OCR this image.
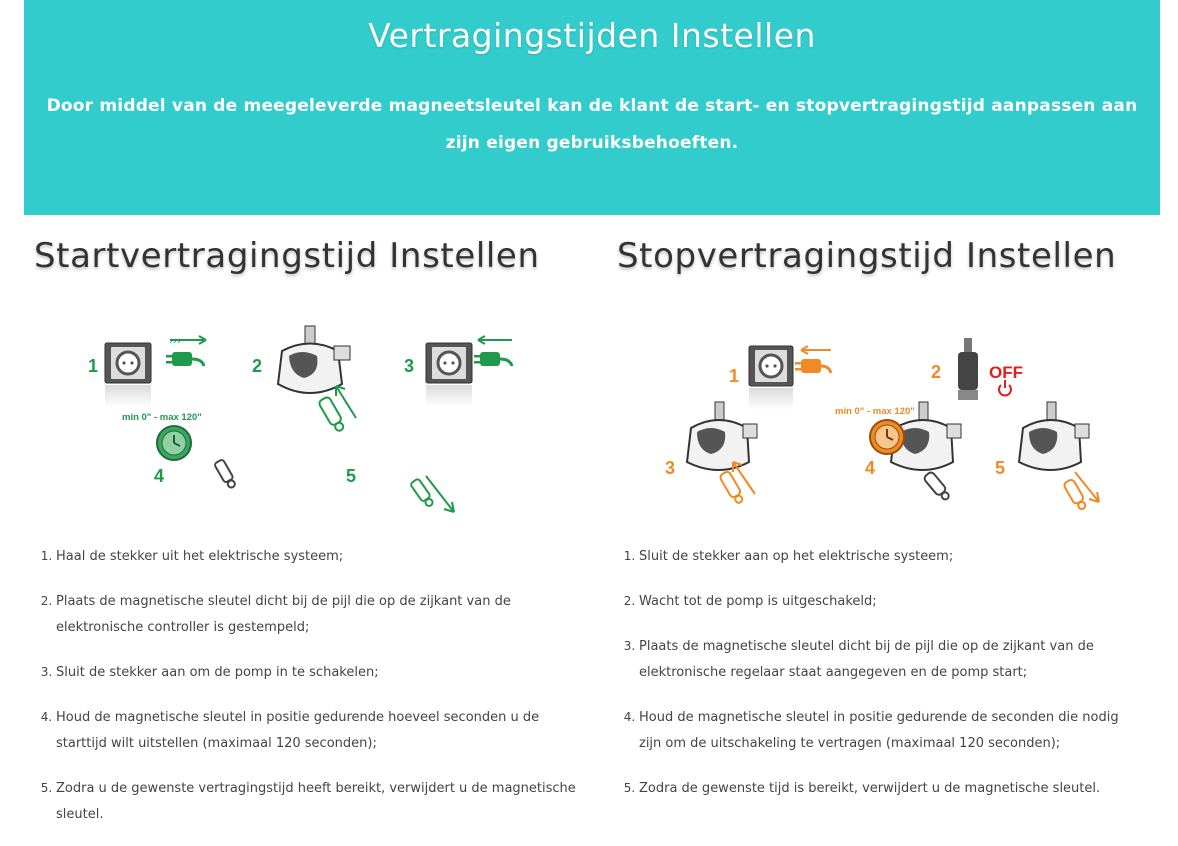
Vertragingstijden Instellen

Door middel van de meegeleverde magneetsleutel kan de klant de start- en stopvertragingstijd aanpassen aan zijn eigen gebruiksbehoeften.

Startvertragingstijd Instellen
1
›››
2	3
min 0" - max 120"
4	5
1. Haal de stekker uit het elektrische systeem;
2. Plaats de magnetische sleutel dicht bij de pijl die op de zijkant van de elektronische controller is gestempeld;
3. Sluit de stekker aan om de pomp in te schakelen;
4. Houd de magnetische sleutel in positie gedurende hoeveel seconden u de starttijd wilt uitstellen (maximaal 120 seconden);
5. Zodra u de gewenste vertragingstijd heeft bereikt, verwijdert u de magnetische sleutel.
Stopvertragingstijd Instellen
1	2	OFF
3
min 0" - max 120"
4	5
1. Sluit de stekker aan op het elektrische systeem;
2. Wacht tot de pomp is uitgeschakeld;
3. Plaats de magnetische sleutel dicht bij de pijl die op de zijkant van de elektronische regelaar staat aangegeven en de pomp start;
4. Houd de magnetische sleutel in positie gedurende de seconden die nodig zijn om de uitschakeling te vertragen (maximaal 120 seconden);
5. Zodra de gewenste tijd is bereikt, verwijdert u de magnetische sleutel.
